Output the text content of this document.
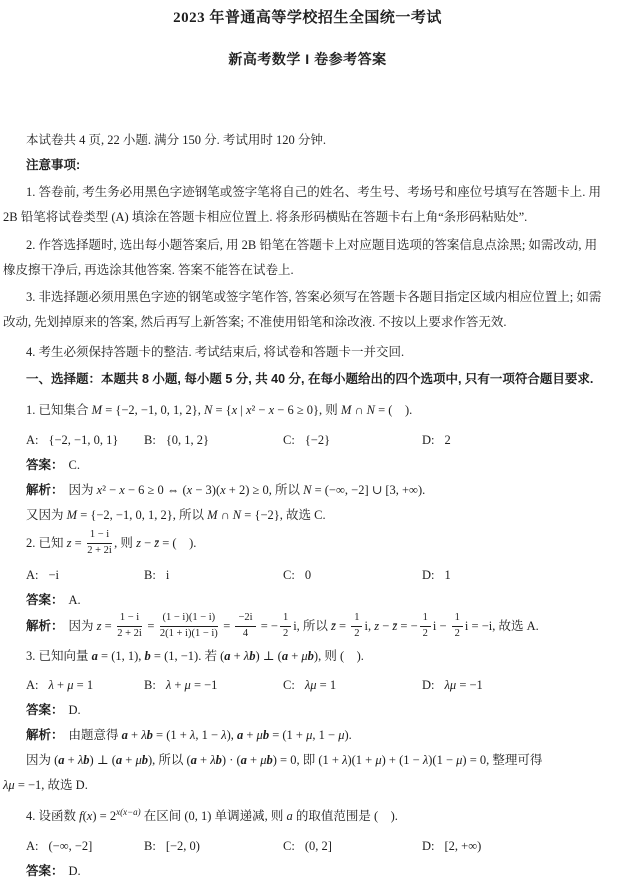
2023 年普通高等学校招生全国统一考试
新高考数学 I 卷参考答案

本试卷共 4 页, 22 小题. 满分 150 分. 考试用时 120 分钟.

注意事项:

1. 答卷前, 考生务必用黑色字迹钢笔或签字笔将自己的姓名、考生号、考场号和座位号填写在答题卡上. 用

2B 铅笔将试卷类型 (A) 填涂在答题卡相应位置上. 将条形码横贴在答题卡右上角“条形码粘贴处”.

2. 作答选择题时, 选出每小题答案后, 用 2B 铅笔在答题卡上对应题目选项的答案信息点涂黑; 如需改动, 用

橡皮擦干净后, 再选涂其他答案. 答案不能答在试卷上.

3. 非选择题必须用黑色字迹的钢笔或签字笔作答, 答案必须写在答题卡各题目指定区域内相应位置上; 如需

改动, 先划掉原来的答案, 然后再写上新答案; 不准使用铅笔和涂改液. 不按以上要求作答无效.

4. 考生必须保持答题卡的整洁. 考试结束后, 将试卷和答题卡一并交回.

一、选择题：本题共 8 小题, 每小题 5 分, 共 40 分, 在每小题给出的四个选项中, 只有一项符合题目要求.

1. 已知集合 M = {−2, −1, 0, 1, 2}, N = {x | x² − x − 6 ≥ 0}, 则 M ∩ N = (　).

A: {−2, −1, 0, 1}	B: {0, 1, 2}	C: {−2}	D: 2

答案： C.

解析： 因为 x² − x − 6 ≥ 0 ⇔ (x − 3)(x + 2) ≥ 0, 所以 N = (−∞, −2] ∪ [3, +∞).

又因为 M = {−2, −1, 0, 1, 2}, 所以 M ∩ N = {−2}, 故选 C.

2. 已知 $z = \frac{1 - i}{2 + 2i}$ , 则 z − z̄ = (　).

A: −i	B: i	C: 0	D: 1

答案： A.

解析： 因为 $z = \frac{1 - i}{2 + 2i} = \frac{(1 - i)(1 - i)}{2(1 + i)(1 - i)} = \frac{-2i}{4}$ = − $\frac{1}{2} i$, 所以 z̄ = $\frac{1}{2} i$, z − z̄ = − $\frac{1}{2}$ $i - \frac{1}{2}$ i = −i, 故选 A.

3. 已知向量 a = (1, 1), b = (1, −1). 若 (a + λb) ⊥ (a + μb), 则 (　).

A: λ + μ = 1	B: λ + μ = −1	C: λμ = 1	D: λμ = −1

答案： D.

解析： 由题意得 a + λb = (1 + λ, 1 − λ), a + μb = (1 + μ, 1 − μ).

因为 (a + λb) ⊥ (a + μb), 所以 (a + λb) · (a + μb) = 0, 即 (1 + λ)(1 + μ) + (1 − λ)(1 − μ) = 0, 整理可得

λμ = −1, 故选 D.

4. 设函数 $f(x) = 2^{x(x-a)}$ 在区间 (0, 1) 单调递减, 则 a 的取值范围是 (　).

A: (−∞, −2]	B: [−2, 0)	C: (0, 2]	D: [2, +∞)

答案： D.
